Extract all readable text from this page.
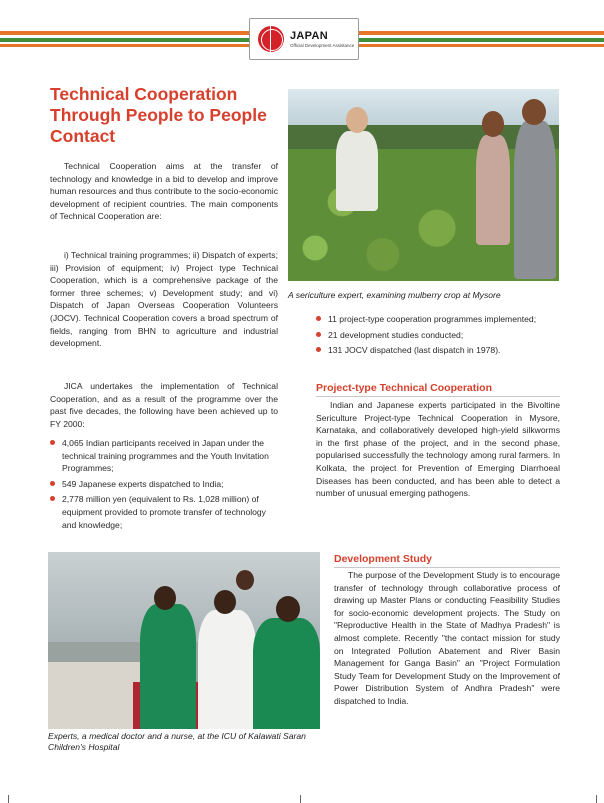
JAPAN
Official Development Assistance
Technical Cooperation Through People to People Contact
A sericulture expert, examining mulberry crop at Mysore
Technical Cooperation aims at the transfer of technology and knowledge in a bid to develop and improve human resources and thus contribute to the socio-economic development of recipient countries. The main components of Technical Cooperation are:
i) Technical training programmes; ii) Dispatch of experts; iii) Provision of equipment; iv) Project type Technical Cooperation, which is a comprehensive package of the former three schemes; v) Development study; and vi) Dispatch of Japan Overseas Cooperation Volunteers (JOCV). Technical Cooperation covers a broad spectrum of fields, ranging from BHN to agriculture and industrial development.
JICA undertakes the implementation of Technical Cooperation, and as a result of the programme over the past five decades, the following have been achieved up to FY 2000:
4,065 Indian participants received in Japan under the technical training programmes and the Youth Invitation Programmes;
549 Japanese experts dispatched to India;
2,778 million yen (equivalent to Rs. 1,028 million) of equipment provided to promote transfer of technology and knowledge;
11 project-type cooperation programmes implemented;
21 development studies conducted;
131 JOCV dispatched (last dispatch in 1978).
Project-type Technical Cooperation
Indian and Japanese experts participated in the Bivoltine Sericulture Project-type Technical Cooperation in Mysore, Karnataka, and collaboratively developed high-yield silkworms in the first phase of the project, and in the second phase, popularised successfully the technology among rural farmers. In Kolkata, the project for Prevention of Emerging Diarrhoeal Diseases has been conducted, and has been able to detect a number of unusual emerging pathogens.
Experts, a medical doctor and a nurse, at the ICU of Kalawati Saran Children's Hospital
Development Study
The purpose of the Development Study is to encourage transfer of technology through collaborative process of drawing up Master Plans or conducting Feasibility Studies for socio-economic development projects. The Study on "Reproductive Health in the State of Madhya Pradesh" is almost complete. Recently "the contact mission for study on Integrated Pollution Abatement and River Basin Management for Ganga Basin" an "Project Formulation Study Team for Development Study on the Improvement of Power Distribution System of Andhra Pradesh" were dispatched to India.
